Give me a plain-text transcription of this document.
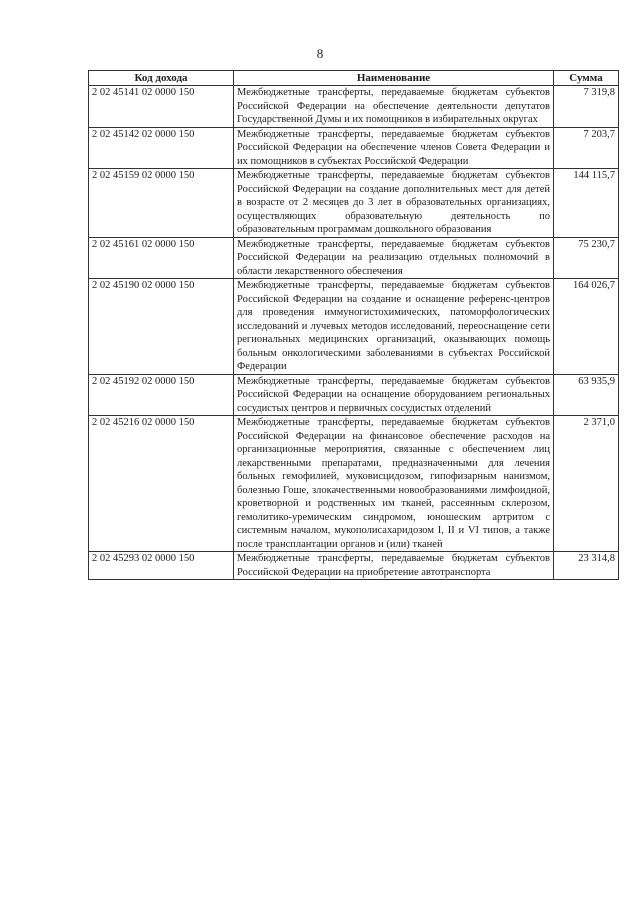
8
Код дохода	Наименование	Сумма
2 02 45141 02 0000 150	Межбюджетные трансферты, передаваемые бюджетам субъектов Российской Федерации на обеспечение деятельности депутатов Государственной Думы и их помощников в избирательных округах	7 319,8
2 02 45142 02 0000 150	Межбюджетные трансферты, передаваемые бюджетам субъектов Российской Федерации на обеспечение членов Совета Федерации и их помощников в субъектах Российской Федерации	7 203,7
2 02 45159 02 0000 150	Межбюджетные трансферты, передаваемые бюджетам субъектов Российской Федерации на создание дополнительных мест для детей в возрасте от 2 месяцев до 3 лет в образовательных организациях, осуществляющих образовательную деятельность по образовательным программам дошкольного образования	144 115,7
2 02 45161 02 0000 150	Межбюджетные трансферты, передаваемые бюджетам субъектов Российской Федерации на реализацию отдельных полномочий в области лекарственного обеспечения	75 230,7
2 02 45190 02 0000 150	Межбюджетные трансферты, передаваемые бюджетам субъектов Российской Федерации на создание и оснащение референс-центров для проведения иммуногистохимических, патоморфологических исследований и лучевых методов исследований, переоснащение сети региональных медицинских организаций, оказывающих помощь больным онкологическими заболеваниями в субъектах Российской Федерации	164 026,7
2 02 45192 02 0000 150	Межбюджетные трансферты, передаваемые бюджетам субъектов Российской Федерации на оснащение оборудованием региональных сосудистых центров и первичных сосудистых отделений	63 935,9
2 02 45216 02 0000 150	Межбюджетные трансферты, передаваемые бюджетам субъектов Российской Федерации на финансовое обеспечение расходов на организационные мероприятия, связанные с обеспечением лиц лекарственными препаратами, предназначенными для лечения больных гемофилией, муковисцидозом, гипофизарным нанизмом, болезнью Гоше, злокачественными новообразованиями лимфоидной, кроветворной и родственных им тканей, рассеянным склерозом, гемолитико-уремическим синдромом, юношеским артритом с системным началом, мукополисахаридозом I, II и VI типов, а также после трансплантации органов и (или) тканей	2 371,0
2 02 45293 02 0000 150	Межбюджетные трансферты, передаваемые бюджетам субъектов Российской Федерации на приобретение автотранспорта	23 314,8
